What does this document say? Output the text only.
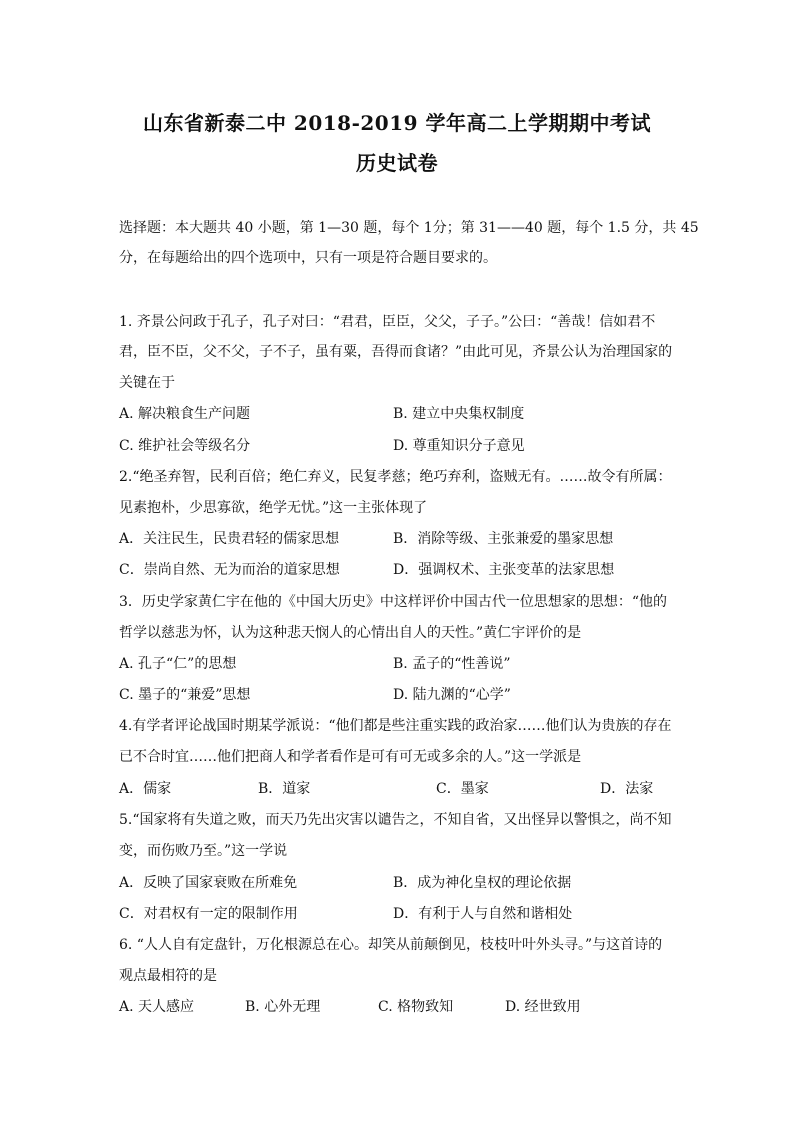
山东省新泰二中 2018-2019 学年高二上学期期中考试
历史试卷
选择题：本大题共 40 小题，第 1—30 题，每个 1分；第 31——40 题，每个 1.5 分，共 45
分，在每题给出的四个选项中，只有一项是符合题目要求的。
1. 齐景公问政于孔子，孔子对曰：“君君，臣臣，父父，子子。”公曰：“善哉！信如君不
君，臣不臣，父不父，子不子，虽有粟，吾得而食诸？”由此可见，齐景公认为治理国家的
关键在于
A. 解决粮食生产问题	B. 建立中央集权制度
C. 维护社会等级名分	D. 尊重知识分子意见
2.“绝圣弃智，民利百倍；绝仁弃义，民复孝慈；绝巧弃利，盗贼无有。……故令有所属：
见素抱朴，少思寡欲，绝学无忧。”这一主张体现了
A．关注民生，民贵君轻的儒家思想	B．消除等级、主张兼爱的墨家思想
C．崇尚自然、无为而治的道家思想	D．强调权术、主张变革的法家思想
3．历史学家黄仁宇在他的《中国大历史》中这样评价中国古代一位思想家的思想：“他的
哲学以慈悲为怀，认为这种悲天悯人的心情出自人的天性。”黄仁宇评价的是
A. 孔子“仁”的思想	B. 孟子的“性善说”
C. 墨子的“兼爱”思想	D. 陆九渊的“心学”
4.有学者评论战国时期某学派说：“他们都是些注重实践的政治家……他们认为贵族的存在
已不合时宜……他们把商人和学者看作是可有可无或多余的人。”这一学派是
A．儒家	B．道家	C．墨家	D．法家
5.“国家将有失道之败，而天乃先出灾害以谴告之，不知自省，又出怪异以警惧之，尚不知
变，而伤败乃至。”这一学说
A．反映了国家衰败在所难免	B．成为神化皇权的理论依据
C．对君权有一定的限制作用	D．有利于人与自然和谐相处
6. “人人自有定盘针，万化根源总在心。却笑从前颠倒见，枝枝叶叶外头寻。”与这首诗的
观点最相符的是
A. 天人感应	B. 心外无理	C. 格物致知	D. 经世致用
